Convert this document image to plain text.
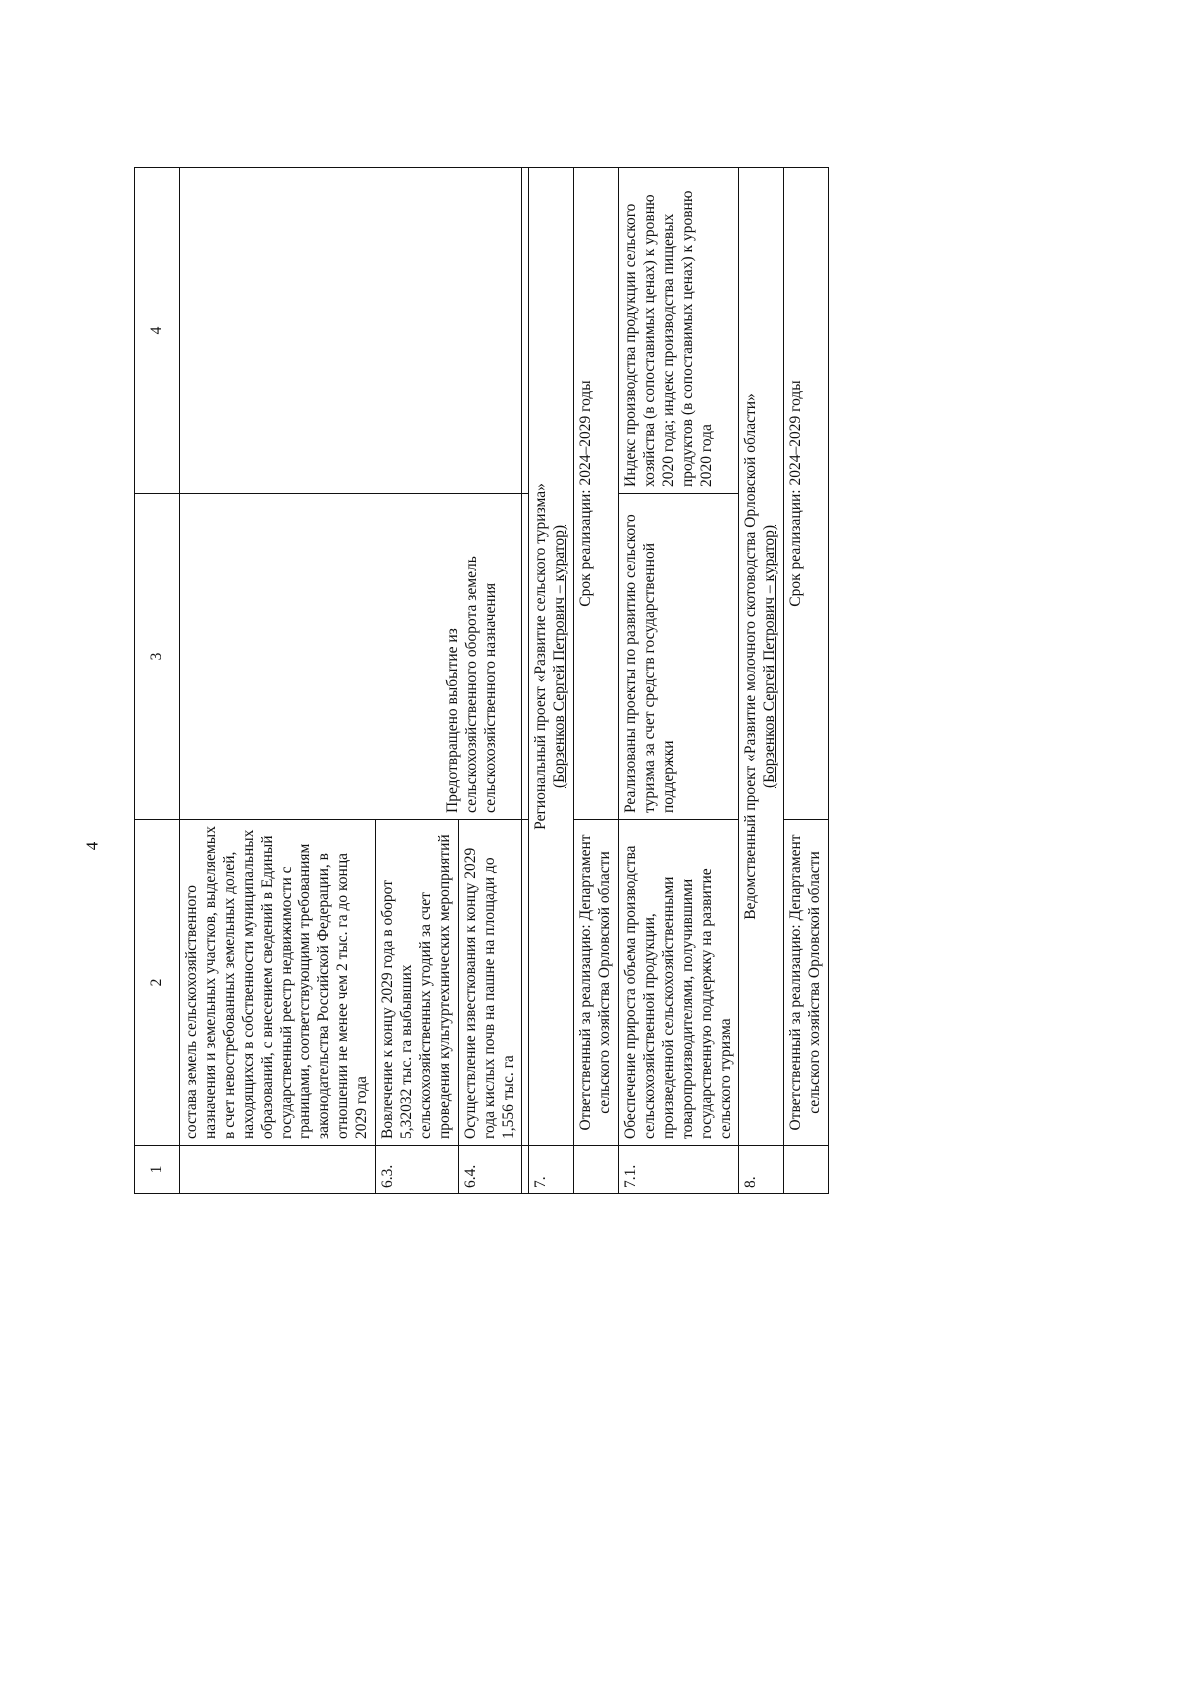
4
1	2	3	4
	состава земель сельскохозяйственного назначения и земельных участков, выделяемых в счет невостребованных земельных долей, находящихся в собственности муниципальных образований, с внесением сведений в Единый государственный реестр недвижимости с границами, соответствующими требованиям законодательства Российской Федерации, в отношении не менее чем 2 тыс. га до конца 2029 года		
6.3.	Вовлечение к концу 2029 года в оборот 5,32032 тыс. га выбывших сельскохозяйственных угодий за счет проведения культуртехнических мероприятий		
6.4.	Осуществление известкования к концу 2029 года кислых почв на пашне на площади до 1,556 тыс. га		

		Предотвращено выбытие из сельскохозяйственного оборота земель сельскохозяйственного назначения	

7.	Региональный проект «Развитие сельского туризма» (Борзенков Сергей Петрович – куратор)		

	Ответственный за реализацию: Департамент сельского хозяйства Орловской области	Срок реализации: 2024–2029 годы	
7.1.	Обеспечение прироста объема производства сельскохозяйственной продукции, произведенной сельскохозяйственными товаропроизводителями, получившими государственную поддержку на развитие сельского туризма	Реализованы проекты по развитию сельского туризма за счет средств государственной поддержки	Индекс производства продукции сельского хозяйства (в сопоставимых ценах) к уровню 2020 года; индекс производства пищевых продуктов (в сопоставимых ценах) к уровню 2020 года
8.	Ведомственный проект «Развитие молочного скотоводства Орловской области» (Борзенков Сергей Петрович – куратор)		

	Ответственный за реализацию: Департамент сельского хозяйства Орловской области	Срок реализации: 2024–2029 годы	
